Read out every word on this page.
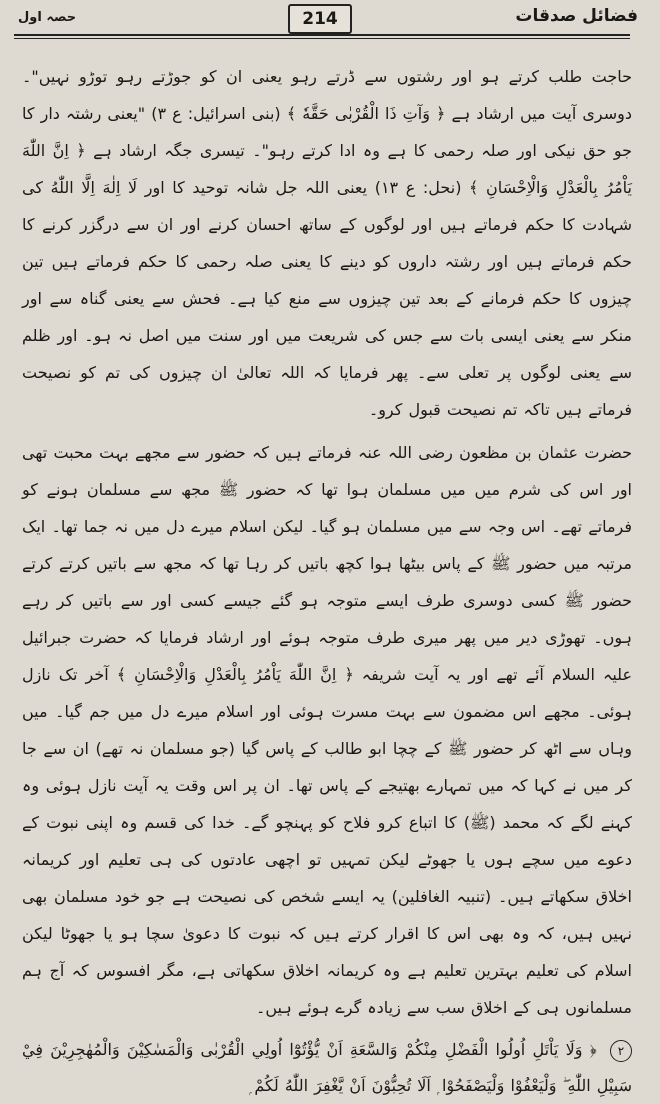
فضائل صدقات
214
حصہ اول

حاجت طلب کرتے ہو اور رشتوں سے ڈرتے رہو یعنی ان کو جوڑتے رہو توڑو نہیں"۔ دوسری آیت میں ارشاد ہے ﴿ وَآتِ ذَا الْقُرْبٰى حَقَّهٗ ﴾ (بنی اسرائیل: ع ۳) "یعنی رشتہ دار کا جو حق نیکی اور صلہ رحمی کا ہے وہ ادا کرتے رہو"۔ تیسری جگہ ارشاد ہے ﴿ اِنَّ اللّٰهَ يَاْمُرُ بِالْعَدْلِ وَالْاِحْسَانِ ﴾ (نحل: ع ۱۳) یعنی اللہ جل شانہ توحید کا اور لَا اِلٰهَ اِلَّا اللّٰهُ کی شہادت کا حکم فرماتے ہیں اور لوگوں کے ساتھ احسان کرنے اور ان سے درگزر کرنے کا حکم فرماتے ہیں اور رشتہ داروں کو دینے کا یعنی صلہ رحمی کا حکم فرماتے ہیں تین چیزوں کا حکم فرمانے کے بعد تین چیزوں سے منع کیا ہے۔ فحش سے یعنی گناہ سے اور منکر سے یعنی ایسی بات سے جس کی شریعت میں اور سنت میں اصل نہ ہو۔ اور ظلم سے یعنی لوگوں پر تعلی سے۔ پھر فرمایا کہ اللہ تعالیٰ ان چیزوں کی تم کو نصیحت فرماتے ہیں تاکہ تم نصیحت قبول کرو۔

حضرت عثمان بن مظعون رضی اللہ عنہ فرماتے ہیں کہ حضور سے مجھے بہت محبت تھی اور اس کی شرم میں میں مسلمان ہوا تھا کہ حضور ﷺ مجھ سے مسلمان ہونے کو فرماتے تھے۔ اس وجہ سے میں مسلمان ہو گیا۔ لیکن اسلام میرے دل میں نہ جما تھا۔ ایک مرتبہ میں حضور ﷺ کے پاس بیٹھا ہوا کچھ باتیں کر رہا تھا کہ مجھ سے باتیں کرتے کرتے حضور ﷺ کسی دوسری طرف ایسے متوجہ ہو گئے جیسے کسی اور سے باتیں کر رہے ہوں۔ تھوڑی دیر میں پھر میری طرف متوجہ ہوئے اور ارشاد فرمایا کہ حضرت جبرائیل علیہ السلام آئے تھے اور یہ آیت شریفہ ﴿ اِنَّ اللّٰهَ يَاْمُرُ بِالْعَدْلِ وَالْاِحْسَانِ ﴾ آخر تک نازل ہوئی۔ مجھے اس مضمون سے بہت مسرت ہوئی اور اسلام میرے دل میں جم گیا۔ میں وہاں سے اٹھ کر حضور ﷺ کے چچا ابو طالب کے پاس گیا (جو مسلمان نہ تھے) ان سے جا کر میں نے کہا کہ میں تمہارے بھتیجے کے پاس تھا۔ ان پر اس وقت یہ آیت نازل ہوئی وہ کہنے لگے کہ محمد (ﷺ) کا اتباع کرو فلاح کو پہنچو گے۔ خدا کی قسم وہ اپنی نبوت کے دعوے میں سچے ہوں یا جھوٹے لیکن تمہیں تو اچھی عادتوں کی ہی تعلیم اور کریمانہ اخلاق سکھاتے ہیں۔ (تنبیہ الغافلین) یہ ایسے شخص کی نصیحت ہے جو خود مسلمان بھی نہیں ہیں، کہ وہ بھی اس کا اقرار کرتے ہیں کہ نبوت کا دعویٰ سچا ہو یا جھوٹا لیکن اسلام کی تعلیم بہترین تعلیم ہے وہ کریمانہ اخلاق سکھاتی ہے، مگر افسوس کہ آج ہم مسلمانوں ہی کے اخلاق سب سے زیادہ گرے ہوئے ہیں۔

۲ ﴿ وَلَا يَاْتَلِ اُولُوا الْفَضْلِ مِنْكُمْ وَالسَّعَةِ اَنْ يُّؤْتُوْٓا اُولِي الْقُرْبٰى وَالْمَسٰكِيْنَ وَالْمُهٰجِرِيْنَ فِيْ سَبِيْلِ اللّٰهِ ۖ وَلْيَعْفُوْا وَلْيَصْفَحُوْا ۭ اَلَا تُحِبُّوْنَ اَنْ يَّغْفِرَ اللّٰهُ لَكُمْ ۭ
